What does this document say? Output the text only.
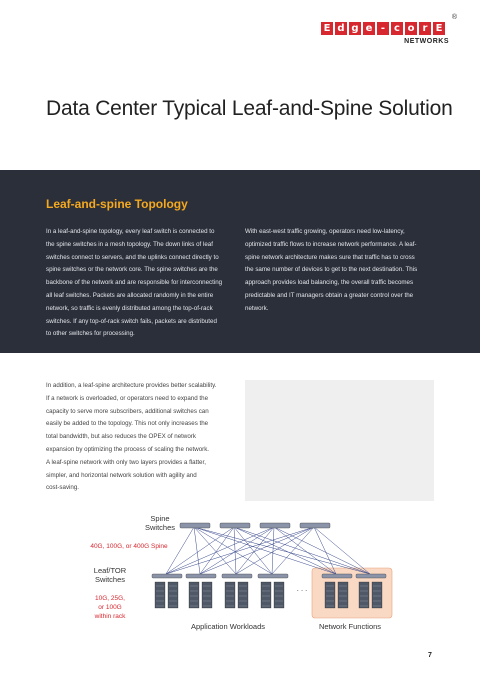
E d g e - c o r E
®
NETWORKS
Data Center Typical Leaf-and-Spine Solution
Leaf-and-spine Topology
In a leaf-and-spine topology, every leaf switch is connected to
the spine switches in a mesh topology. The down links of leaf
switches connect to servers, and the uplinks connect directly to
spine switches or the network core. The spine switches are the
backbone of the network and are responsible for interconnecting
all leaf switches. Packets are allocated randomly in the entire
network, so traffic is evenly distributed among the top-of-rack
switches. If any top-of-rack switch fails, packets are distributed
to other switches for processing.
With east-west traffic growing, operators need low-latency,
optimized traffic flows to increase network performance. A leaf-
spine network architecture makes sure that traffic has to cross
the same number of devices to get to the next destination. This
approach provides load balancing, the overall traffic becomes
predictable and IT managers obtain a greater control over the
network.
In addition, a leaf-spine architecture provides better scalability.
If a network is overloaded, or operators need to expand the
capacity to serve more subscribers, additional switches can
easily be added to the topology. This not only increases the
total bandwidth, but also reduces the OPEX of network
expansion by optimizing the process of scaling the network.
A leaf-spine network with only two layers provides a flatter,
simpler, and horizontal network solution with agility and
cost-saving.
Spine
Switches
40G, 100G, or 400G Spine
Leaf/TOR
Switches
10G, 25G,
or 100G
within rack
. . .
Application Workloads	Network Functions
7
